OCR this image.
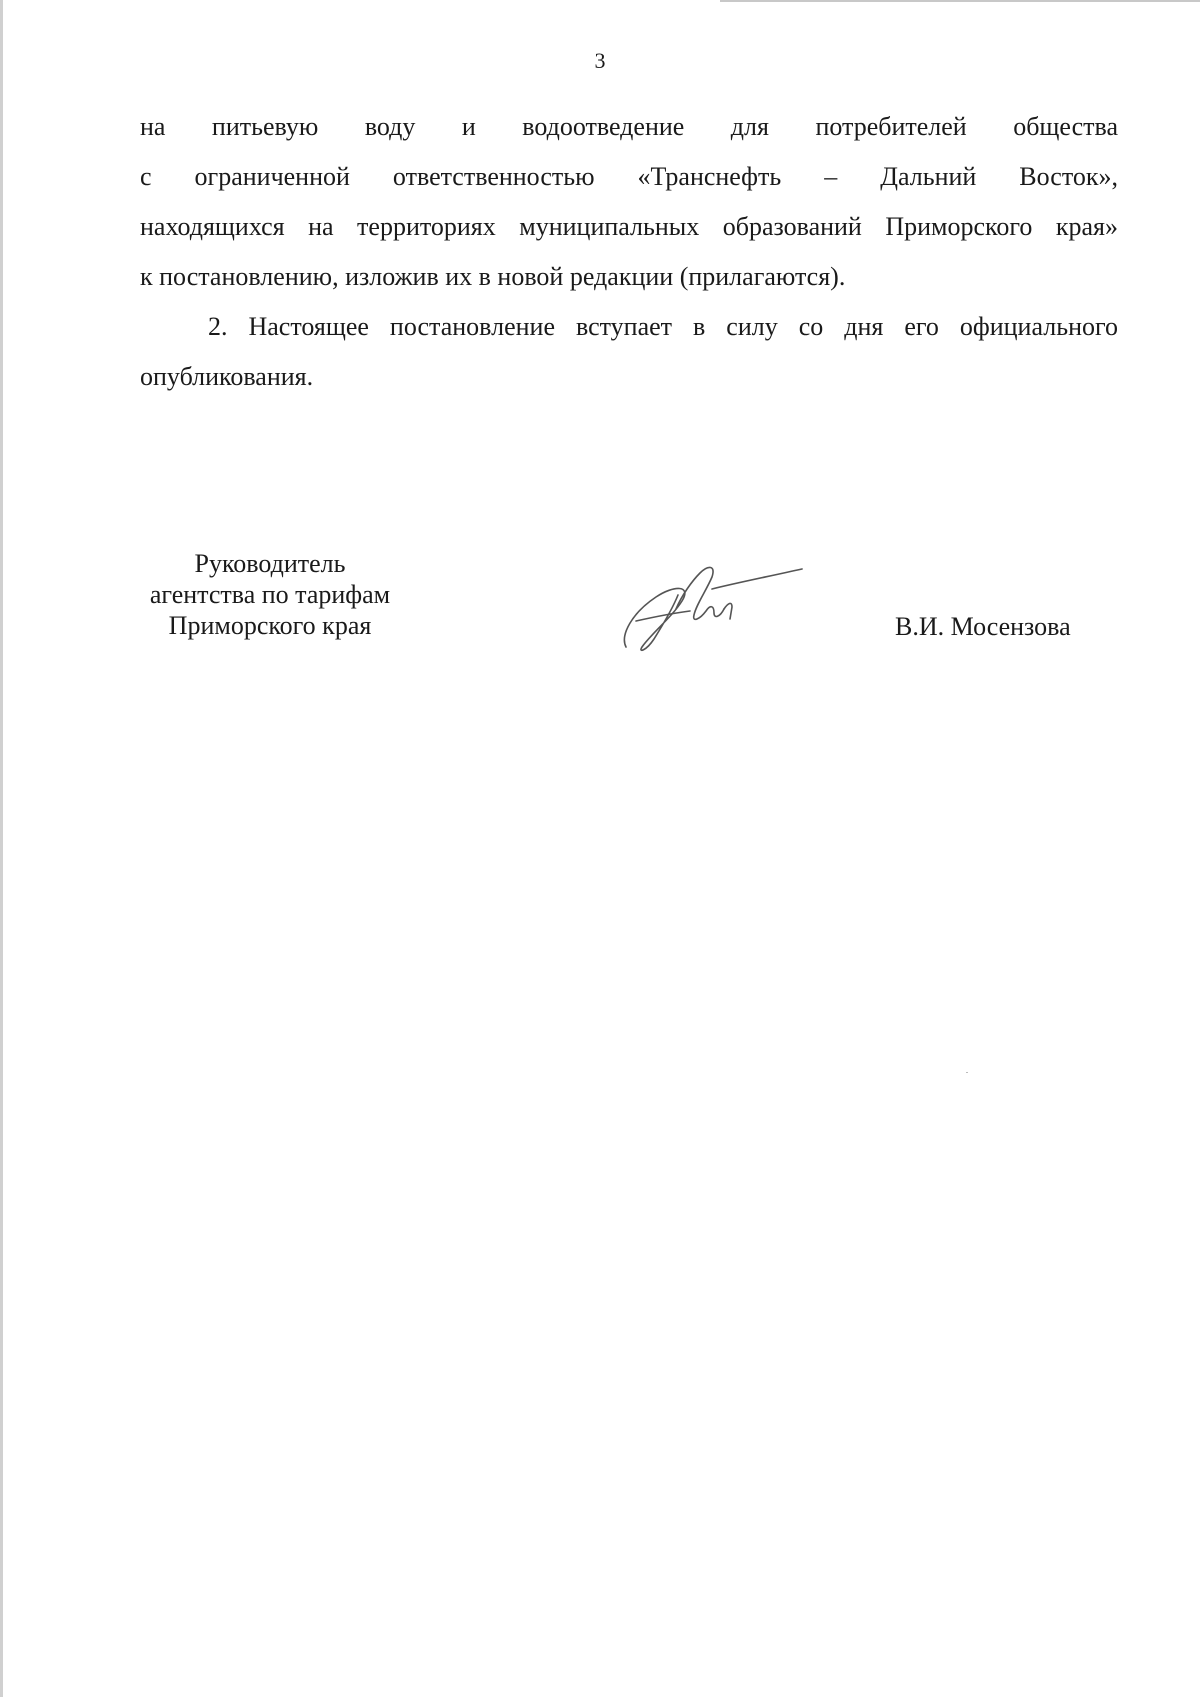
3

на питьевую воду и водоотведение для потребителей общества
с ограниченной ответственностью «Транснефть – Дальний Восток»,
находящихся на территориях муниципальных образований Приморского края»
к постановлению, изложив их в новой редакции (прилагаются).

2. Настоящее постановление вступает в силу со дня его официального опубликования.

Руководитель
агентства по тарифам
Приморского края	В.И. Мосензова
